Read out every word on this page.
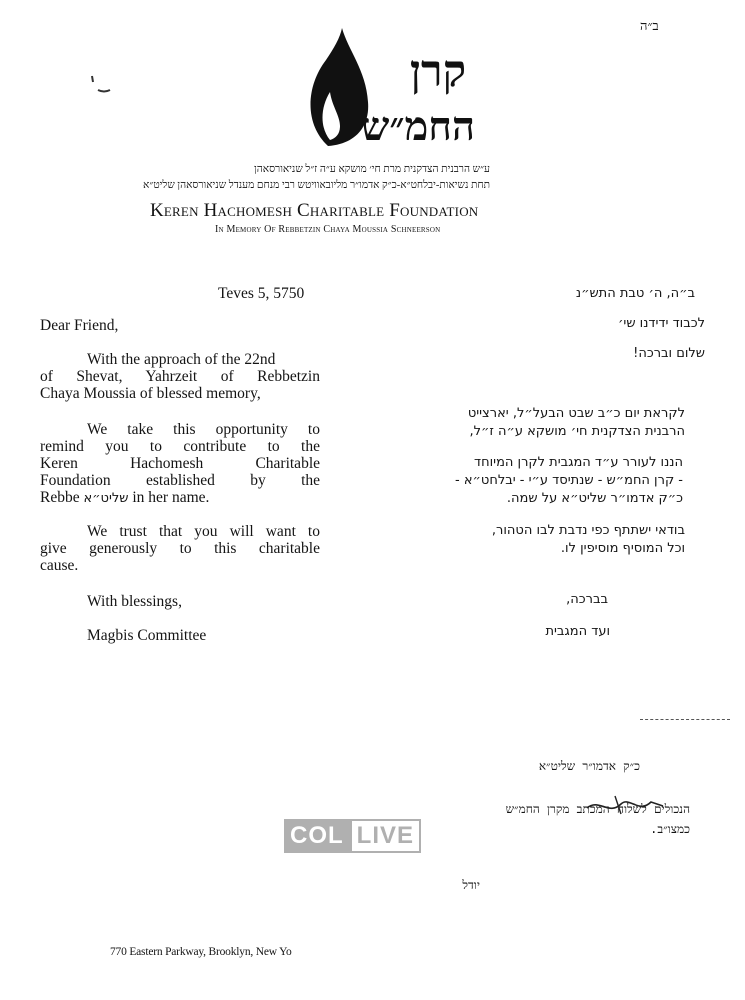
ב״ה
קרן
החמ״ש
ע״ש הרבנית הצדקנית מרת חי׳ מושקא ע״ה ז״ל שניאורסאהן
תחת נשיאות-יבלחט״א-כ״ק אדמו״ר מליובאוויטש רבי מנחם מענדל שניאורסאהן שליט״א
Keren Hachomesh Charitable Foundation
In Memory Of Rebbetzin Chaya Moussia Schneerson
Teves 5, 5750
Dear Friend,
With the approach of the 22nd
of Shevat, Yahrzeit of Rebbetzin
Chaya Moussia of blessed memory,
We take this opportunity to
remind you to contribute to the
Keren Hachomesh Charitable
Foundation established by the
Rebbe שליט״א in her name.
We trust that you will want to
give generously to this charitable
cause.
With blessings,
Magbis Committee
ב״ה, ה׳ טבת התש״נ
לכבוד ידידנו שי׳
שלום וברכה!
לקראת יום כ״ב שבט הבעל״ל, יארצייט
הרבנית הצדקנית חי׳ מושקא ע״ה ז״ל,
הננו לעורר ע״ד המגבית לקרן המיוחד
- קרן החמ״ש - שנתיסד ע״י - יבלחט״א -
כ״ק אדמו״ר שליט״א על שמה.
בודאי ישתתף כפי נדבת לבו הטהור,
וכל המוסיף מוסיפין לו.
בברכה,
ועד המגבית
כ״ק אדמו״ר שליט״א
הנכולים לשלוח המכתב מקרן החמ״ש
כמצו״ב.
יודל
COL LIVE
770 Eastern Parkway, Brooklyn, New Yo
